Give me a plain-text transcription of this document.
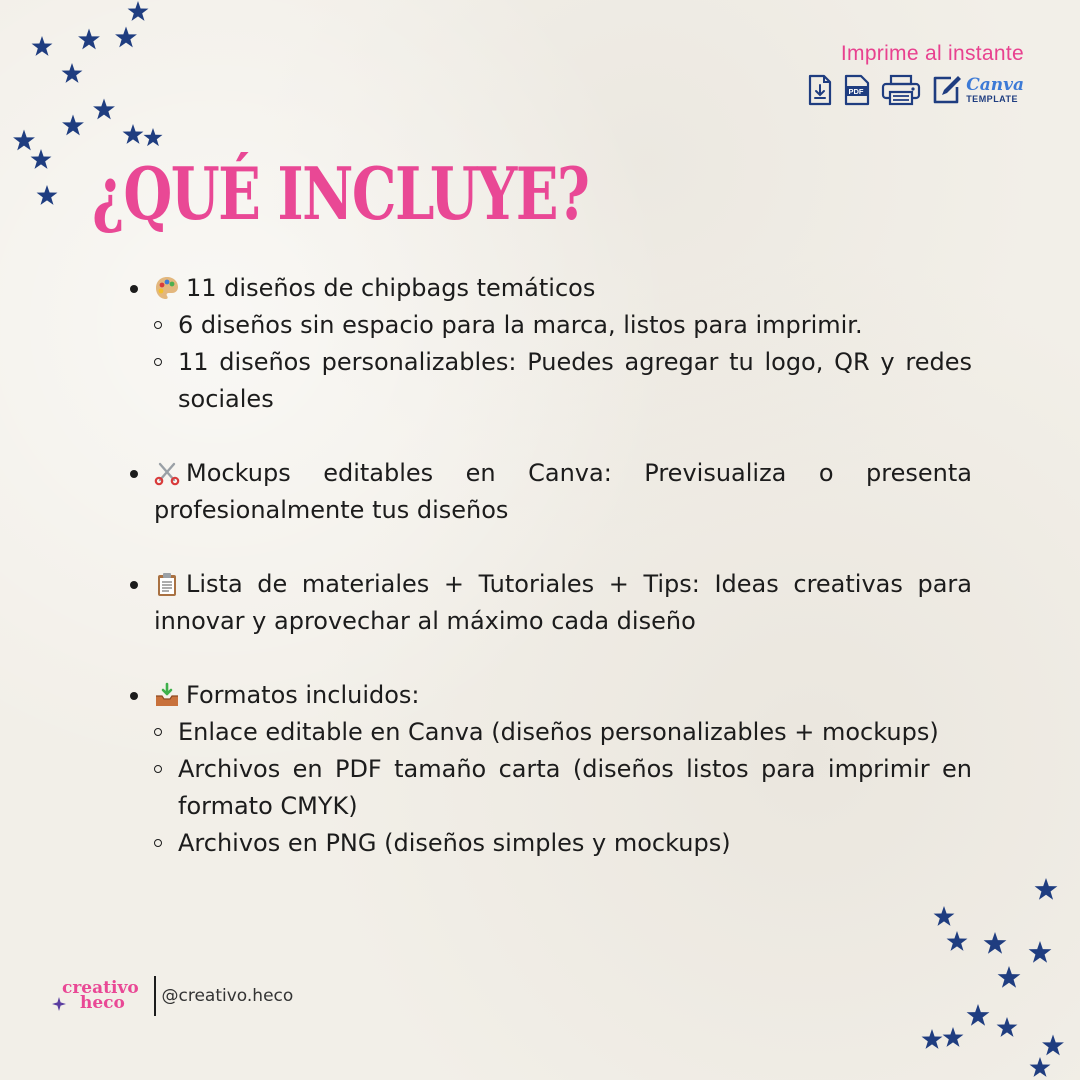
Imprime al instante
PDF	Canva
TEMPLATE
¿QUÉ INCLUYE?
11 diseños de chipbags temáticos
6 diseños sin espacio para la marca, listos para imprimir.
11 diseños personalizables: Puedes agregar tu logo, QR y redes sociales
Mockups editables en Canva: Previsualiza o presenta profesionalmente tus diseños
Lista de materiales + Tutoriales + Tips: Ideas creativas para innovar y aprovechar al máximo cada diseño
Formatos incluidos:
Enlace editable en Canva (diseños personalizables + mockups)
Archivos en PDF tamaño carta (diseños listos para imprimir en formato CMYK)
Archivos en PNG (diseños simples y mockups)
creativo
heco	@creativo.heco
